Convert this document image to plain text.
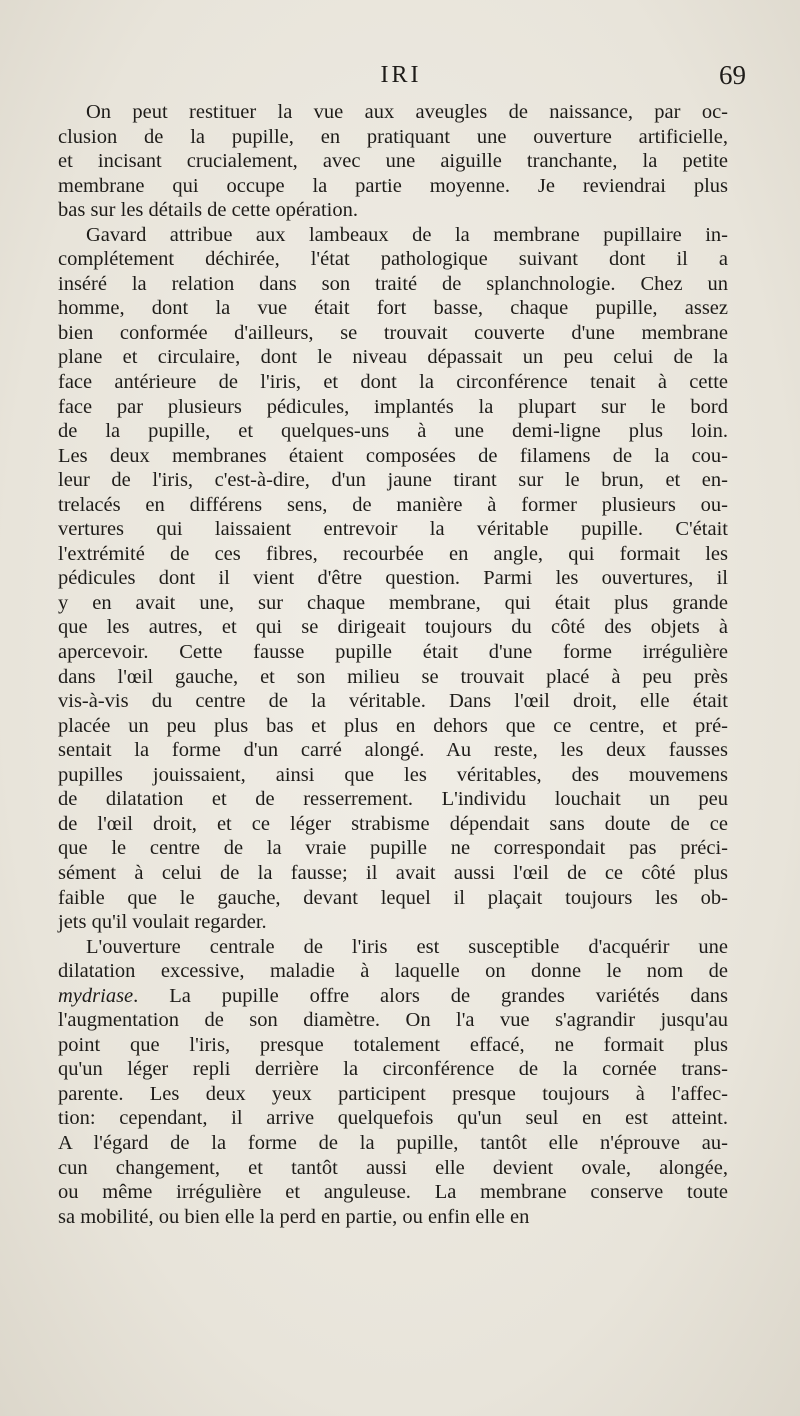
IRI	69
On peut restituer la vue aux aveugles de naissance, par oc-
clusion de la pupille, en pratiquant une ouverture artificielle,
et incisant crucialement, avec une aiguille tranchante, la petite
membrane qui occupe la partie moyenne. Je reviendrai plus
bas sur les détails de cette opération.
Gavard attribue aux lambeaux de la membrane pupillaire in-
complétement déchirée, l'état pathologique suivant dont il a
inséré la relation dans son traité de splanchnologie. Chez un
homme, dont la vue était fort basse, chaque pupille, assez
bien conformée d'ailleurs, se trouvait couverte d'une membrane
plane et circulaire, dont le niveau dépassait un peu celui de la
face antérieure de l'iris, et dont la circonférence tenait à cette
face par plusieurs pédicules, implantés la plupart sur le bord
de la pupille, et quelques-uns à une demi-ligne plus loin.
Les deux membranes étaient composées de filamens de la cou-
leur de l'iris, c'est-à-dire, d'un jaune tirant sur le brun, et en-
trelacés en différens sens, de manière à former plusieurs ou-
vertures qui laissaient entrevoir la véritable pupille. C'était
l'extrémité de ces fibres, recourbée en angle, qui formait les
pédicules dont il vient d'être question. Parmi les ouvertures, il
y en avait une, sur chaque membrane, qui était plus grande
que les autres, et qui se dirigeait toujours du côté des objets à
apercevoir. Cette fausse pupille était d'une forme irrégulière
dans l'œil gauche, et son milieu se trouvait placé à peu près
vis-à-vis du centre de la véritable. Dans l'œil droit, elle était
placée un peu plus bas et plus en dehors que ce centre, et pré-
sentait la forme d'un carré alongé. Au reste, les deux fausses
pupilles jouissaient, ainsi que les véritables, des mouvemens
de dilatation et de resserrement. L'individu louchait un peu
de l'œil droit, et ce léger strabisme dépendait sans doute de ce
que le centre de la vraie pupille ne correspondait pas préci-
sément à celui de la fausse; il avait aussi l'œil de ce côté plus
faible que le gauche, devant lequel il plaçait toujours les ob-
jets qu'il voulait regarder.
L'ouverture centrale de l'iris est susceptible d'acquérir une
dilatation excessive, maladie à laquelle on donne le nom de
mydriase. La pupille offre alors de grandes variétés dans
l'augmentation de son diamètre. On l'a vue s'agrandir jusqu'au
point que l'iris, presque totalement effacé, ne formait plus
qu'un léger repli derrière la circonférence de la cornée trans-
parente. Les deux yeux participent presque toujours à l'affec-
tion: cependant, il arrive quelquefois qu'un seul en est atteint.
A l'égard de la forme de la pupille, tantôt elle n'éprouve au-
cun changement, et tantôt aussi elle devient ovale, alongée,
ou même irrégulière et anguleuse. La membrane conserve toute
sa mobilité, ou bien elle la perd en partie, ou enfin elle en
